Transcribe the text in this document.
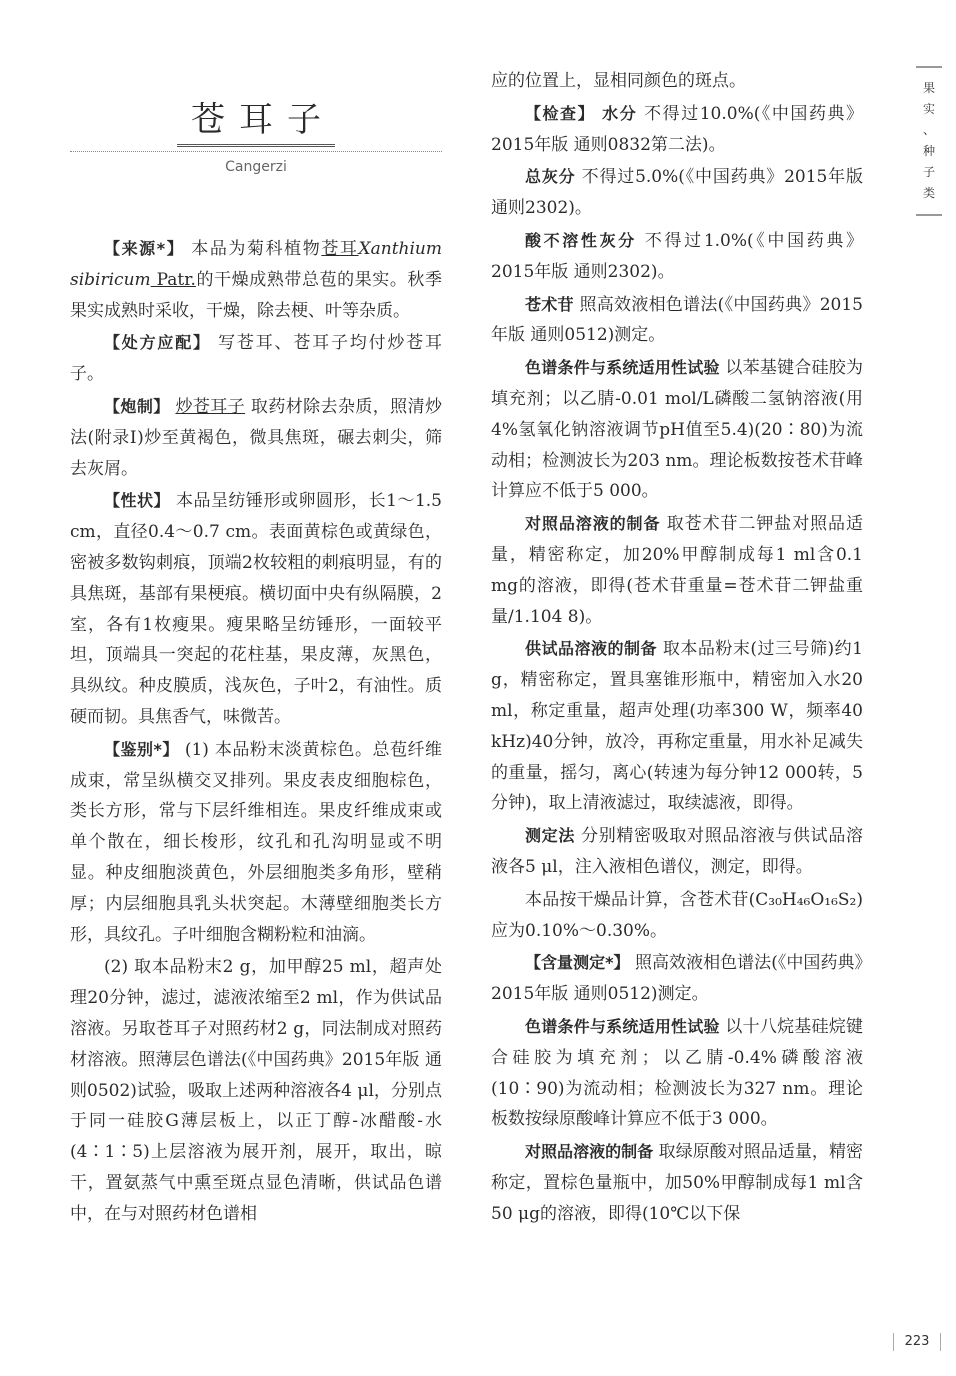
苍耳子
Cangerzi

【来源*】 本品为菊科植物苍耳Xanthium sibiricum Patr.的干燥成熟带总苞的果实。秋季果实成熟时采收，干燥，除去梗、叶等杂质。

【处方应配】 写苍耳、苍耳子均付炒苍耳子。

【炮制】 炒苍耳子 取药材除去杂质，照清炒法(附录Ⅰ)炒至黄褐色，微具焦斑，碾去刺尖，筛去灰屑。

【性状】 本品呈纺锤形或卵圆形，长1～1.5 cm，直径0.4～0.7 cm。表面黄棕色或黄绿色，密被多数钩刺痕，顶端2枚较粗的刺痕明显，有的具焦斑，基部有果梗痕。横切面中央有纵隔膜，2室，各有1枚瘦果。瘦果略呈纺锤形，一面较平坦，顶端具一突起的花柱基，果皮薄，灰黑色，具纵纹。种皮膜质，浅灰色，子叶2，有油性。质硬而韧。具焦香气，味微苦。

【鉴别*】 (1) 本品粉末淡黄棕色。总苞纤维成束，常呈纵横交叉排列。果皮表皮细胞棕色，类长方形，常与下层纤维相连。果皮纤维成束或单个散在，细长梭形，纹孔和孔沟明显或不明显。种皮细胞淡黄色，外层细胞类多角形，壁稍厚；内层细胞具乳头状突起。木薄壁细胞类长方形，具纹孔。子叶细胞含糊粉粒和油滴。

(2) 取本品粉末2 g，加甲醇25 ml，超声处理20分钟，滤过，滤液浓缩至2 ml，作为供试品溶液。另取苍耳子对照药材2 g，同法制成对照药材溶液。照薄层色谱法(《中国药典》2015年版 通则0502)试验，吸取上述两种溶液各4 μl，分别点于同一硅胶G薄层板上，以正丁醇-冰醋酸-水(4∶1∶5)上层溶液为展开剂，展开，取出，晾干，置氨蒸气中熏至斑点显色清晰，供试品色谱中，在与对照药材色谱相

应的位置上，显相同颜色的斑点。

【检查】 水分 不得过10.0%(《中国药典》2015年版 通则0832第二法)。

总灰分 不得过5.0%(《中国药典》2015年版 通则2302)。

酸不溶性灰分 不得过1.0%(《中国药典》2015年版 通则2302)。

苍术苷 照高效液相色谱法(《中国药典》2015年版 通则0512)测定。

色谱条件与系统适用性试验 以苯基键合硅胶为填充剂；以乙腈-0.01 mol/L磷酸二氢钠溶液(用4%氢氧化钠溶液调节pH值至5.4)(20∶80)为流动相；检测波长为203 nm。理论板数按苍术苷峰计算应不低于5 000。

对照品溶液的制备 取苍术苷二钾盐对照品适量，精密称定，加20%甲醇制成每1 ml含0.1 mg的溶液，即得(苍术苷重量=苍术苷二钾盐重量/1.104 8)。

供试品溶液的制备 取本品粉末(过三号筛)约1 g，精密称定，置具塞锥形瓶中，精密加入水20 ml，称定重量，超声处理(功率300 W，频率40 kHz)40分钟，放冷，再称定重量，用水补足减失的重量，摇匀，离心(转速为每分钟12 000转，5分钟)，取上清液滤过，取续滤液，即得。

测定法 分别精密吸取对照品溶液与供试品溶液各5 μl，注入液相色谱仪，测定，即得。

本品按干燥品计算，含苍术苷(C₃₀H₄₆O₁₆S₂)应为0.10%～0.30%。

【含量测定*】 照高效液相色谱法(《中国药典》2015年版 通则0512)测定。

色谱条件与系统适用性试验 以十八烷基硅烷键合硅胶为填充剂；以乙腈-0.4%磷酸溶液(10∶90)为流动相；检测波长为327 nm。理论板数按绿原酸峰计算应不低于3 000。

对照品溶液的制备 取绿原酸对照品适量，精密称定，置棕色量瓶中，加50%甲醇制成每1 ml含50 μg的溶液，即得(10℃以下保

果
实
、
种
子
类
223
